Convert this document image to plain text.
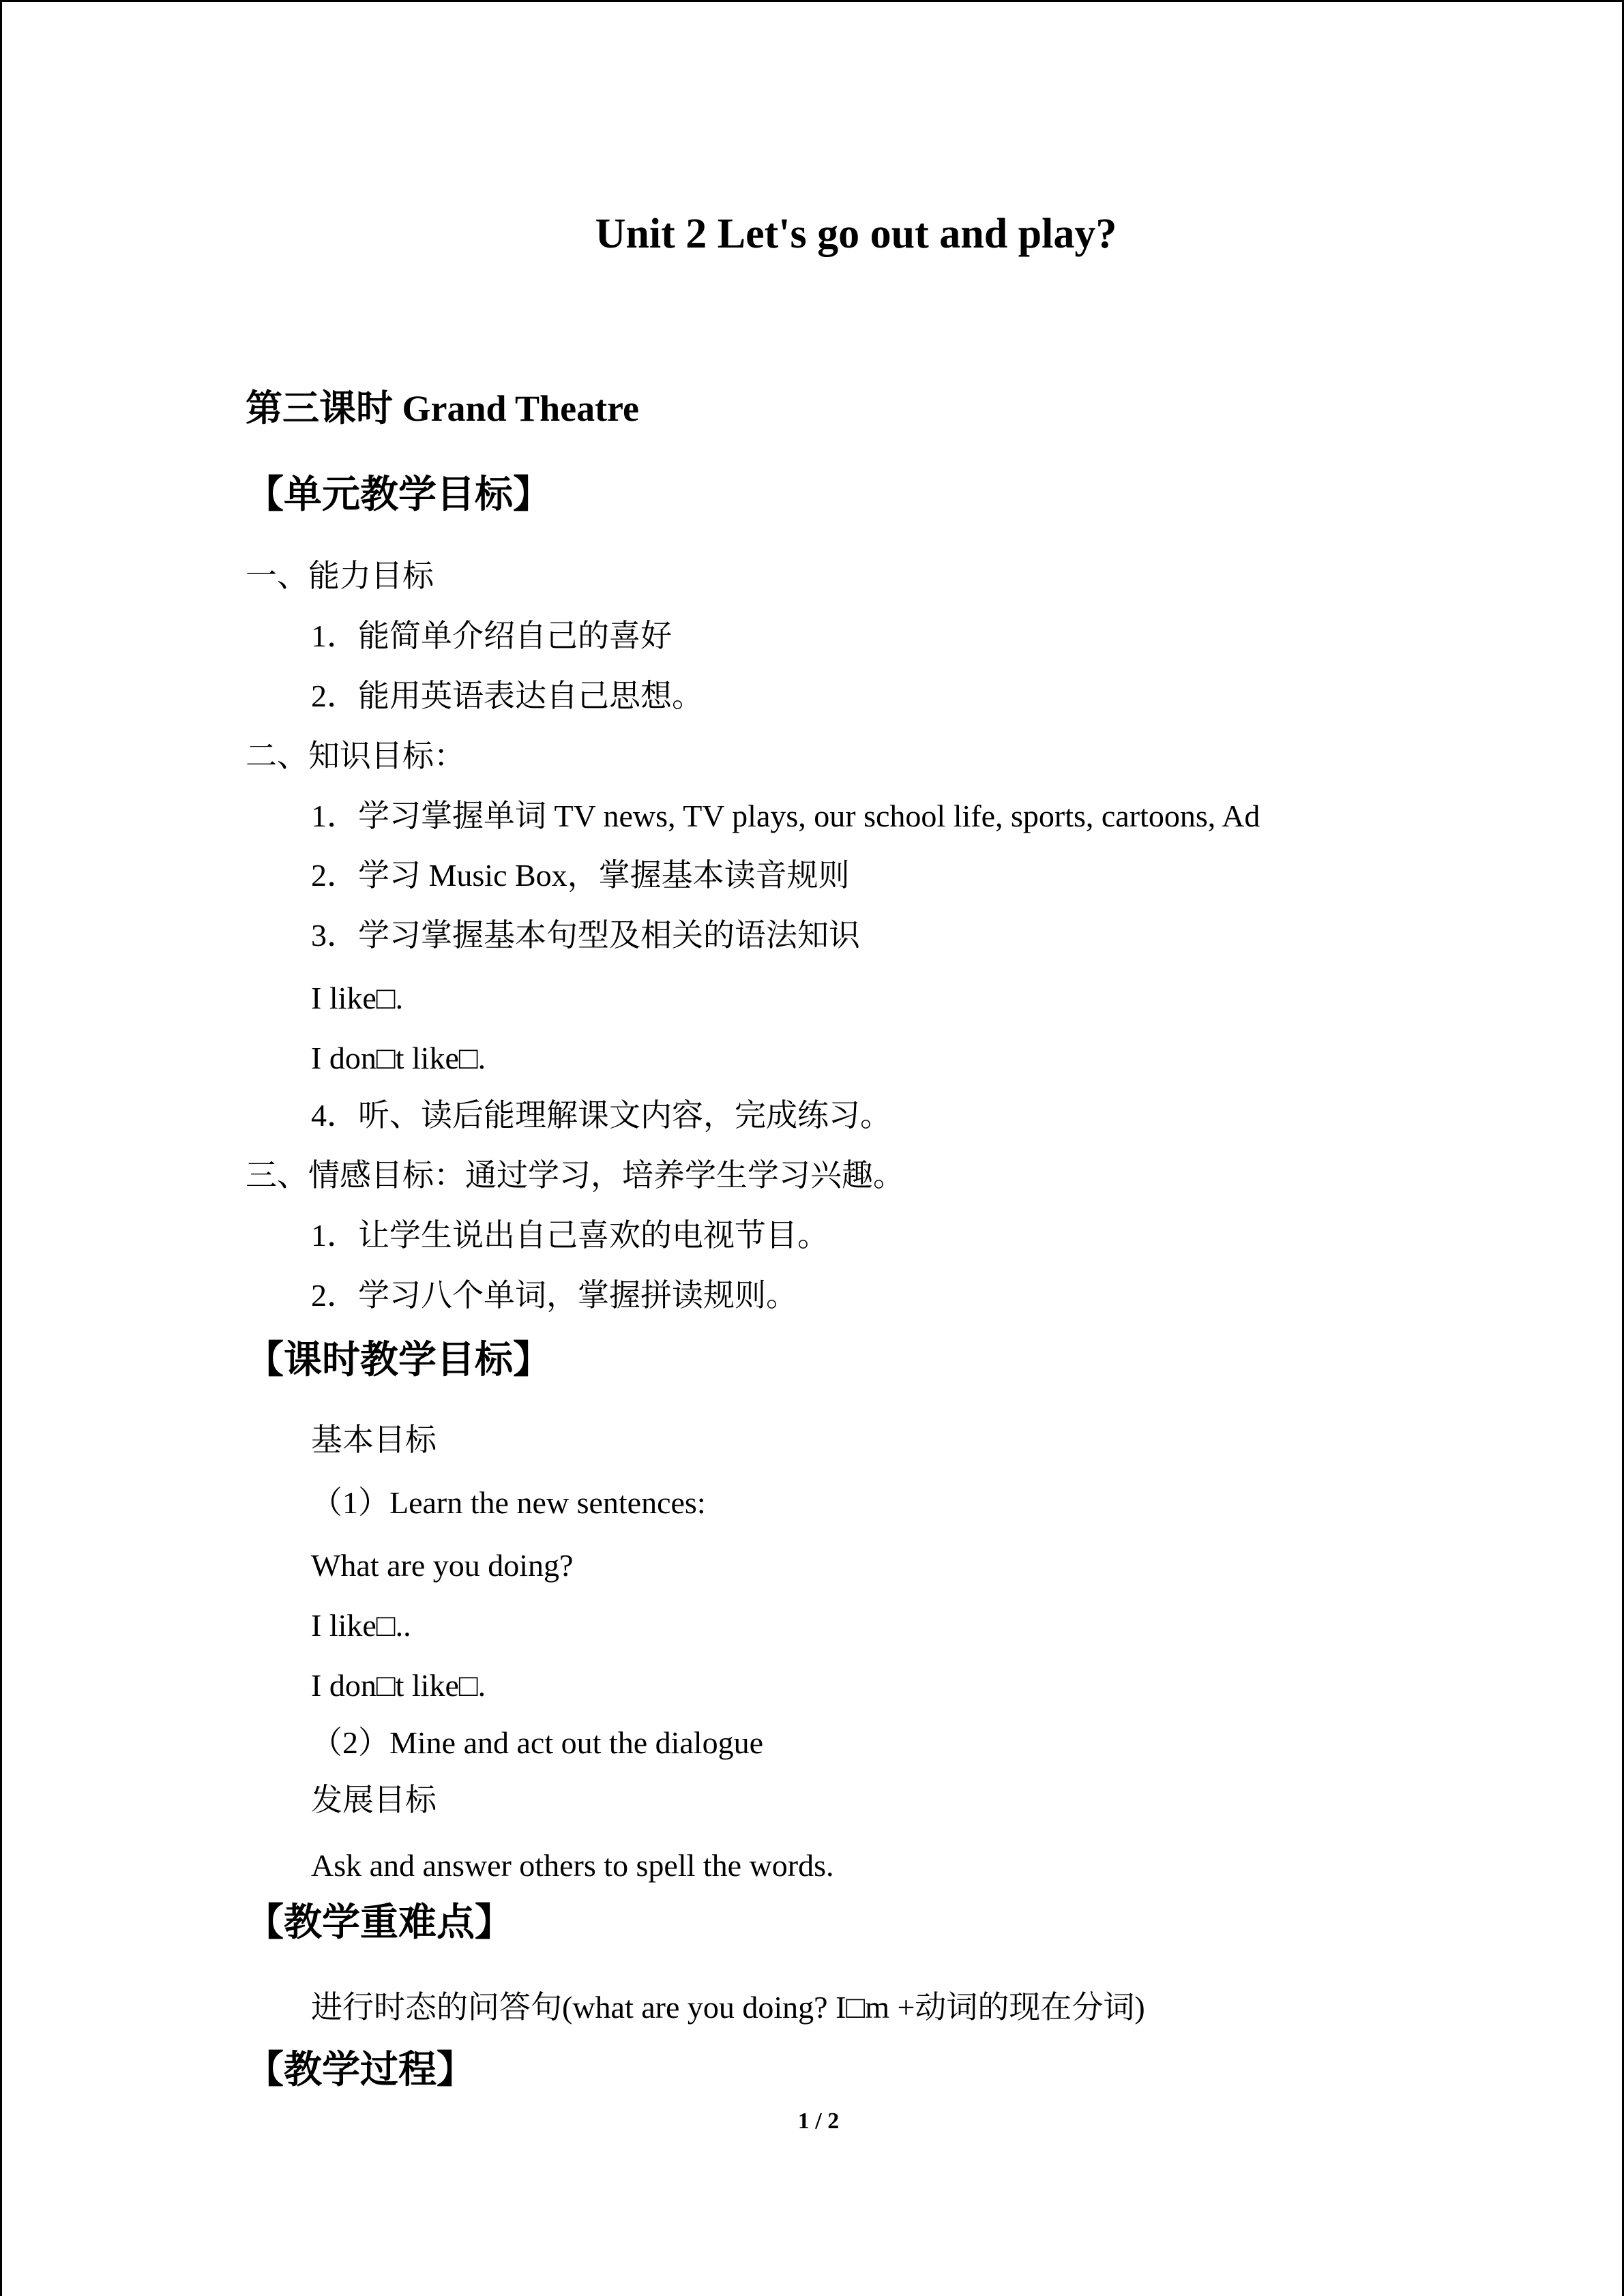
Unit 2 Let's go out and play?
第三课时 Grand Theatre
【单元教学目标】
一、能力目标
1．能简单介绍自己的喜好
2．能用英语表达自己思想。
二、知识目标：
1．学习掌握单词 TV news, TV plays, our school life, sports, cartoons, Ad
2．学习 Music Box，掌握基本读音规则
3．学习掌握基本句型及相关的语法知识
I like□.
I don□t like□.
4．听、读后能理解课文内容，完成练习。
三、情感目标：通过学习，培养学生学习兴趣。
1．让学生说出自己喜欢的电视节目。
2．学习八个单词，掌握拼读规则。
【课时教学目标】
基本目标
（1）Learn the new sentences:
What are you doing?
I like□..
I don□t like□.
（2）Mine and act out the dialogue
发展目标
Ask and answer others to spell the words.
【教学重难点】
进行时态的问答句(what are you doing? I□m +动词的现在分词)
【教学过程】
1 / 2
